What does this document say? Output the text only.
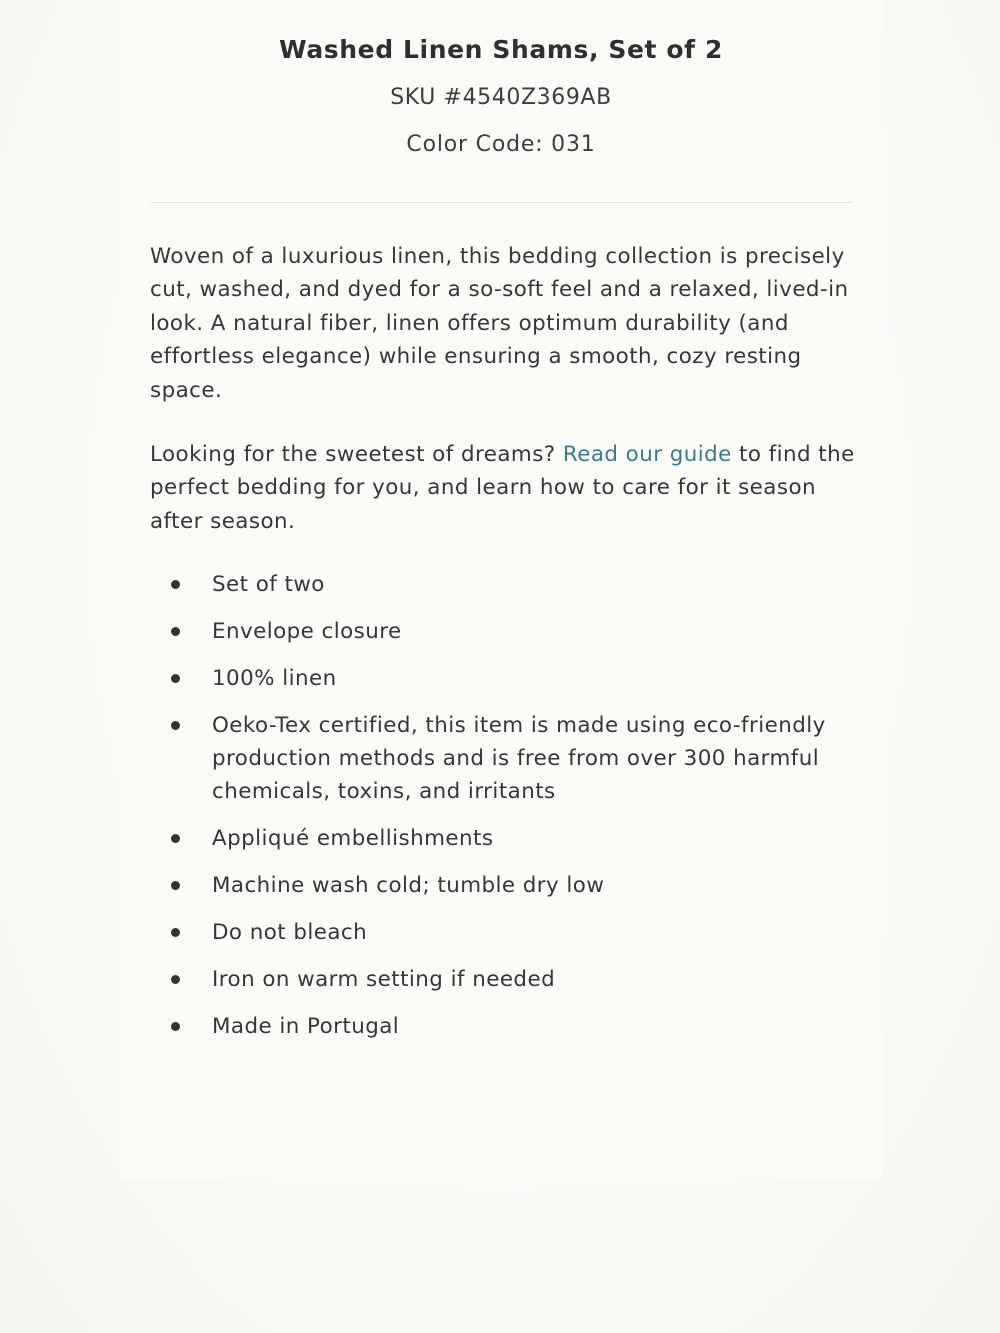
Washed Linen Shams, Set of 2
SKU #4540Z369AB
Color Code: 031

Woven of a luxurious linen, this bedding collection is precisely cut, washed, and dyed for a so-soft feel and a relaxed, lived-in look. A natural fiber, linen offers optimum durability (and effortless elegance) while ensuring a smooth, cozy resting space.

Looking for the sweetest of dreams? Read our guide to find the perfect bedding for you, and learn how to care for it season after season.

Set of two
Envelope closure
100% linen
Oeko-Tex certified, this item is made using eco-friendly production methods and is free from over 300 harmful chemicals, toxins, and irritants
Appliqué embellishments
Machine wash cold; tumble dry low
Do not bleach
Iron on warm setting if needed
Made in Portugal
